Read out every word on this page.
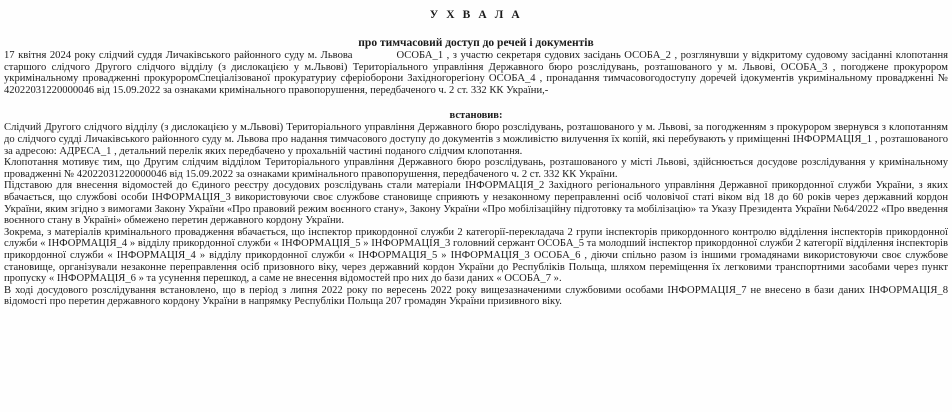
У Х В А Л А
про тимчасовий доступ до речей і документів

17 квітня 2024 року слідчий суддя Личаківського районного суду м. Львова	ОСОБА_1 , з участю секретаря судових засідань ОСОБА_2 , розглянувши у відкритому судовому засіданні клопотання старшого слідчого Другого слідчого відділу (з дислокацією у м.Львові) Територіального управління Державного бюро розслідувань, розташованого у м. Львові, ОСОБА_3 , погоджене прокурором укримінальному провадженні прокуроромСпеціалізованої прокуратуриу сферіоборони Західногорегіону ОСОБА_4 , пронадання тимчасовогодоступу доречей ідокументів укримінальному провадженні № 42022031220000046 від 15.09.2022 за ознаками кримінального правопорушення, передбаченого ч. 2 ст. 332 КК України,-

встановив:

Слідчий Другого слідчого відділу (з дислокацією у м.Львові) Територіального управління Державного бюро розслідувань, розташованого у м. Львові, за погодженням з прокурором звернувся з клопотанням до слідчого судді Личаківського районного суду м. Львова про надання тимчасового доступу до документів з можливістю вилучення їх копій, які перебувають у приміщенні ІНФОРМАЦІЯ_1 , розташованого за адресою: АДРЕСА_1 , детальний перелік яких передбачено у прохальній частині поданого слідчим клопотання.

Клопотання мотивує тим, що Другим слідчим відділом Територіального управління Державного бюро розслідувань, розташованого у місті Львові, здійснюється досудове розслідування у кримінальному провадженні № 42022031220000046 від 15.09.2022 за ознаками кримінального правопорушення, передбаченого ч. 2 ст. 332 КК України.

Підставою для внесення відомостей до Єдиного реєстру досудових розслідувань стали матеріали ІНФОРМАЦІЯ_2 Західного регіонального управління Державної прикордонної служби України, з яких вбачається, що службові особи ІНФОРМАЦІЯ_3 використовуючи своє службове становище сприяють у незаконному переправленні осіб чоловічої статі віком від 18 до 60 років через державний кордон України, яким згідно з вимогами Закону України «Про правовий режим воєнного стану», Закону України «Про мобілізаційну підготовку та мобілізацію» та Указу Президента України №64/2022 «Про введення воєнного стану в Україні» обмежено перетин державного кордону України.

Зокрема, з матеріалів кримінального провадження вбачається, що інспектор прикордонної служби 2 категорії-перекладача 2 групи інспекторів прикордонного контролю відділення інспекторів прикордонної служби « ІНФОРМАЦІЯ_4 » відділу прикордонної служби « ІНФОРМАЦІЯ_5 » ІНФОРМАЦІЯ_3 головний сержант ОСОБА_5 та молодший інспектор прикордонної служби 2 категорії відділення інспекторів прикордонної служби « ІНФОРМАЦІЯ_4 » відділу прикордонної служби « ІНФОРМАЦІЯ_5 » ІНФОРМАЦІЯ_3 ОСОБА_6 , діючи спільно разом із іншими громадянами використовуючи своє службове становище, організували незаконне переправлення осіб призовного віку, через державний кордон України до Республіків Польща, шляхом переміщення їх легковими транспортними засобами через пункт пропуску « ІНФОРМАЦІЯ_6 » та усунення перешкод, а саме не внесення відомостей про них до бази даних « ОСОБА_7 ».

В ході досудового розслідування встановлено, що в період з липня 2022 року по вересень 2022 року вищезазначеними службовими особами ІНФОРМАЦІЯ_7 не внесено в бази даних ІНФОРМАЦІЯ_8 відомості про перетин державного кордону України в напрямку Республіки Польща 207 громадян України призивного віку.
